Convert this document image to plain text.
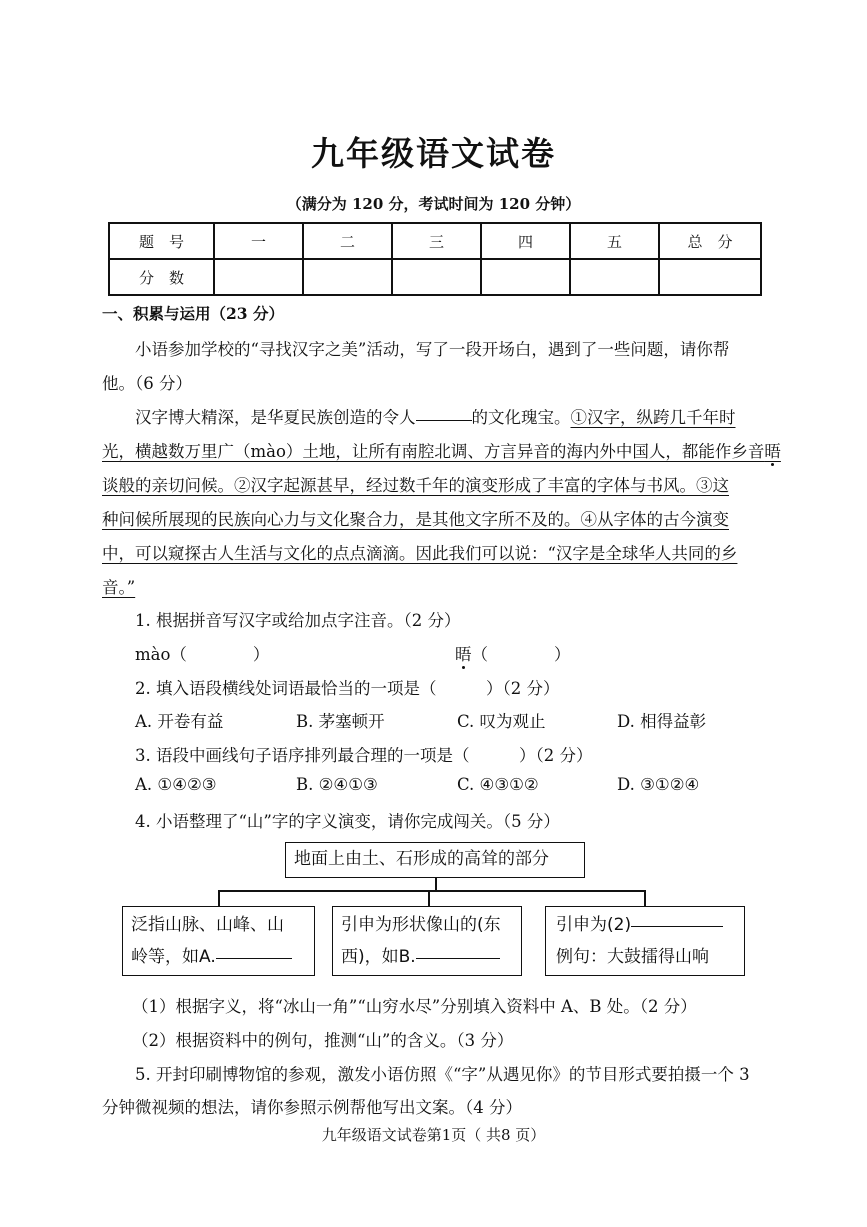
九年级语文试卷
（满分为 120 分，考试时间为 120 分钟）
题　号	一	二	三	四	五	总　分
分　数						
一、积累与运用（23 分）
小语参加学校的“寻找汉字之美”活动，写了一段开场白，遇到了一些问题，请你帮
他。（6 分）
汉字博大精深，是华夏民族创造的令人	的文化瑰宝。①汉字，纵跨几千年时
光，横越数万里广（mào）土地，让所有南腔北调、方言异音的海内外中国人，都能作乡音晤
谈般的亲切问候。②汉字起源甚早，经过数千年的演变形成了丰富的字体与书风。③这
种问候所展现的民族向心力与文化聚合力，是其他文字所不及的。④从字体的古今演变
中，可以窥探古人生活与文化的点点滴滴。因此我们可以说：“汉字是全球华人共同的乡
音。”
1. 根据拼音写汉字或给加点字注音。（2 分）
mào（　　　　）	晤（　　　　）
2. 填入语段横线处词语最恰当的一项是（　　　）（2 分）
A. 开卷有益	B. 茅塞顿开	C. 叹为观止	D. 相得益彰
3. 语段中画线句子语序排列最合理的一项是（　　　）（2 分）
A. ①④②③	B. ②④①③	C. ④③①②	D. ③①②④
4. 小语整理了“山”字的字义演变，请你完成闯关。（5 分）
地面上由土、石形成的高耸的部分
泛指山脉、山峰、山
岭等，如A.
引申为形状像山的(东
西)，如B.
引申为(2)
例句：大鼓擂得山响
（1）根据字义，将“冰山一角”“山穷水尽”分别填入资料中 A、B 处。（2 分）
（2）根据资料中的例句，推测“山”的含义。（3 分）
5. 开封印刷博物馆的参观，激发小语仿照《“字”从遇见你》的节目形式要拍摄一个 3
分钟微视频的想法，请你参照示例帮他写出文案。（4 分）
九年级语文试卷第1页（ 共8 页）
